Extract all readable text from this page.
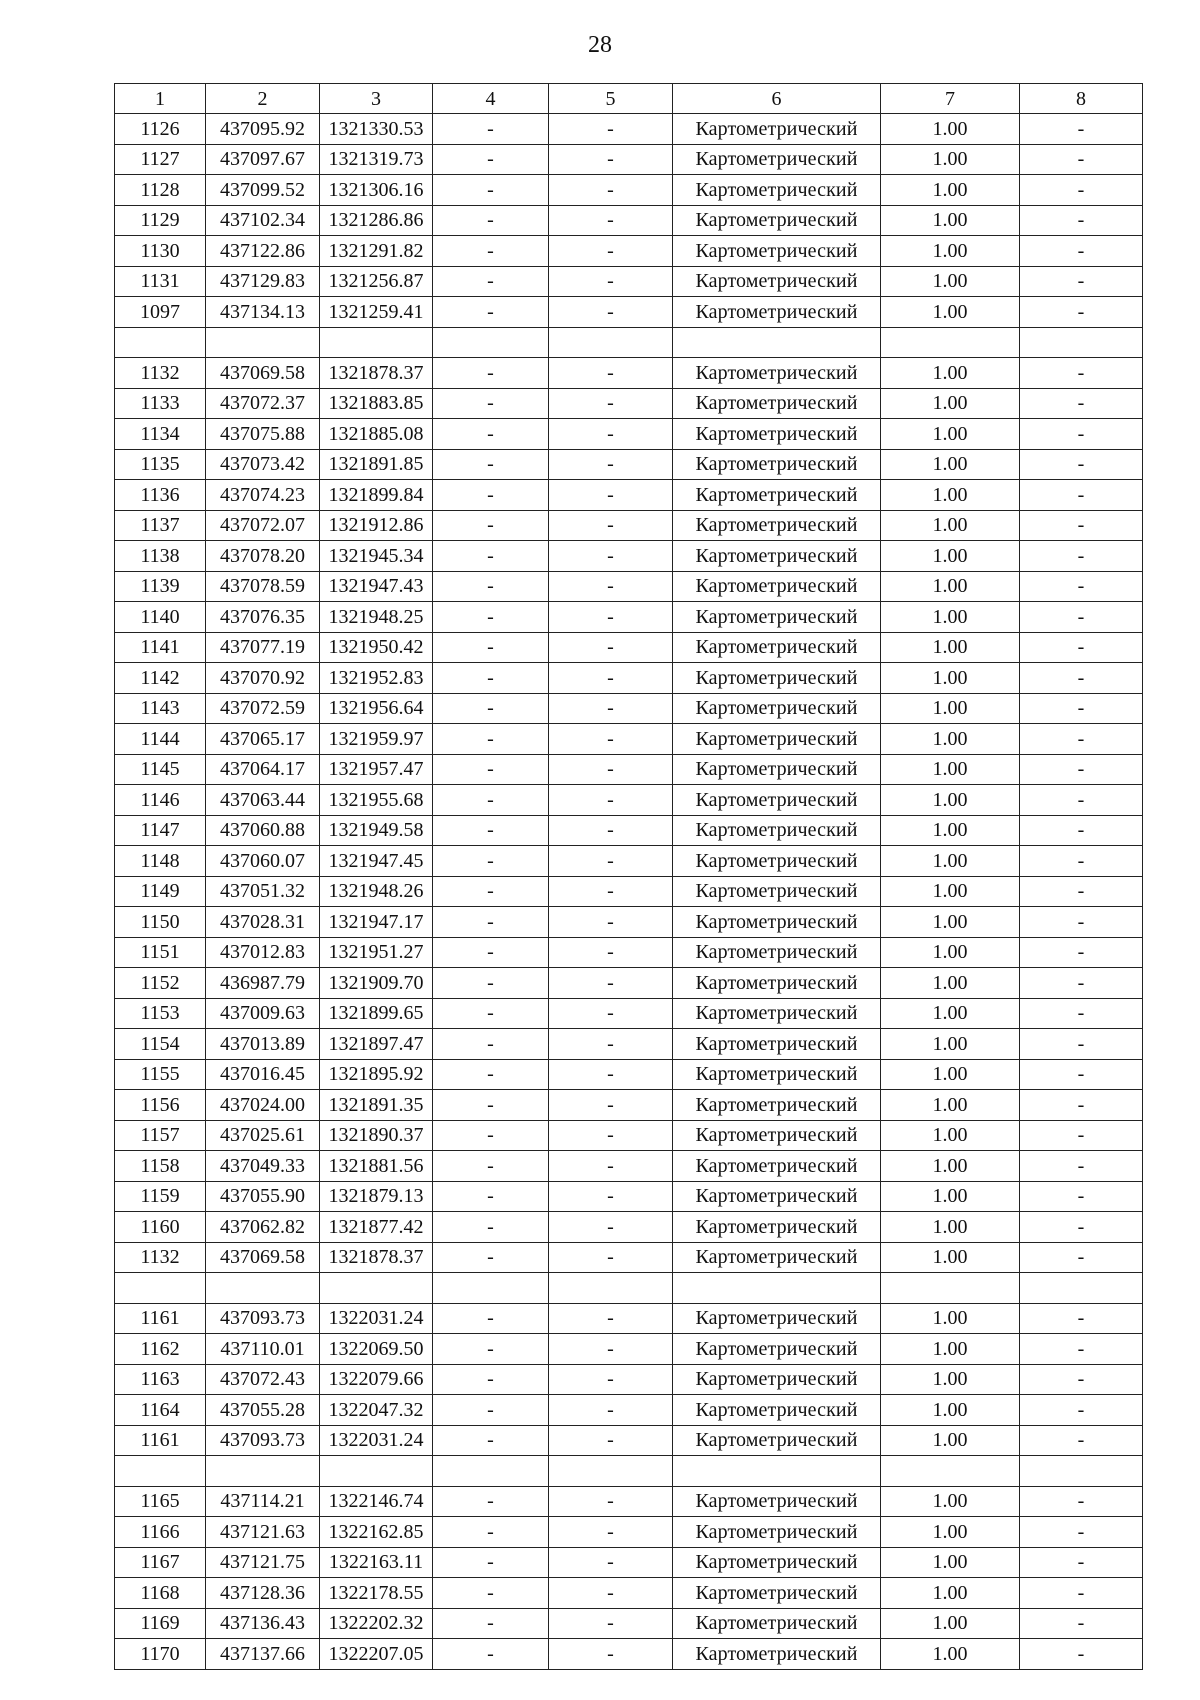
28
1	2	3	4	5	6	7	8
1126	437095.92	1321330.53	-	-	Картометрический	1.00	-
1127	437097.67	1321319.73	-	-	Картометрический	1.00	-
1128	437099.52	1321306.16	-	-	Картометрический	1.00	-
1129	437102.34	1321286.86	-	-	Картометрический	1.00	-
1130	437122.86	1321291.82	-	-	Картометрический	1.00	-
1131	437129.83	1321256.87	-	-	Картометрический	1.00	-
1097	437134.13	1321259.41	-	-	Картометрический	1.00	-

1132	437069.58	1321878.37	-	-	Картометрический	1.00	-
1133	437072.37	1321883.85	-	-	Картометрический	1.00	-
1134	437075.88	1321885.08	-	-	Картометрический	1.00	-
1135	437073.42	1321891.85	-	-	Картометрический	1.00	-
1136	437074.23	1321899.84	-	-	Картометрический	1.00	-
1137	437072.07	1321912.86	-	-	Картометрический	1.00	-
1138	437078.20	1321945.34	-	-	Картометрический	1.00	-
1139	437078.59	1321947.43	-	-	Картометрический	1.00	-
1140	437076.35	1321948.25	-	-	Картометрический	1.00	-
1141	437077.19	1321950.42	-	-	Картометрический	1.00	-
1142	437070.92	1321952.83	-	-	Картометрический	1.00	-
1143	437072.59	1321956.64	-	-	Картометрический	1.00	-
1144	437065.17	1321959.97	-	-	Картометрический	1.00	-
1145	437064.17	1321957.47	-	-	Картометрический	1.00	-
1146	437063.44	1321955.68	-	-	Картометрический	1.00	-
1147	437060.88	1321949.58	-	-	Картометрический	1.00	-
1148	437060.07	1321947.45	-	-	Картометрический	1.00	-
1149	437051.32	1321948.26	-	-	Картометрический	1.00	-
1150	437028.31	1321947.17	-	-	Картометрический	1.00	-
1151	437012.83	1321951.27	-	-	Картометрический	1.00	-
1152	436987.79	1321909.70	-	-	Картометрический	1.00	-
1153	437009.63	1321899.65	-	-	Картометрический	1.00	-
1154	437013.89	1321897.47	-	-	Картометрический	1.00	-
1155	437016.45	1321895.92	-	-	Картометрический	1.00	-
1156	437024.00	1321891.35	-	-	Картометрический	1.00	-
1157	437025.61	1321890.37	-	-	Картометрический	1.00	-
1158	437049.33	1321881.56	-	-	Картометрический	1.00	-
1159	437055.90	1321879.13	-	-	Картометрический	1.00	-
1160	437062.82	1321877.42	-	-	Картометрический	1.00	-
1132	437069.58	1321878.37	-	-	Картометрический	1.00	-

1161	437093.73	1322031.24	-	-	Картометрический	1.00	-
1162	437110.01	1322069.50	-	-	Картометрический	1.00	-
1163	437072.43	1322079.66	-	-	Картометрический	1.00	-
1164	437055.28	1322047.32	-	-	Картометрический	1.00	-
1161	437093.73	1322031.24	-	-	Картометрический	1.00	-

1165	437114.21	1322146.74	-	-	Картометрический	1.00	-
1166	437121.63	1322162.85	-	-	Картометрический	1.00	-
1167	437121.75	1322163.11	-	-	Картометрический	1.00	-
1168	437128.36	1322178.55	-	-	Картометрический	1.00	-
1169	437136.43	1322202.32	-	-	Картометрический	1.00	-
1170	437137.66	1322207.05	-	-	Картометрический	1.00	-
